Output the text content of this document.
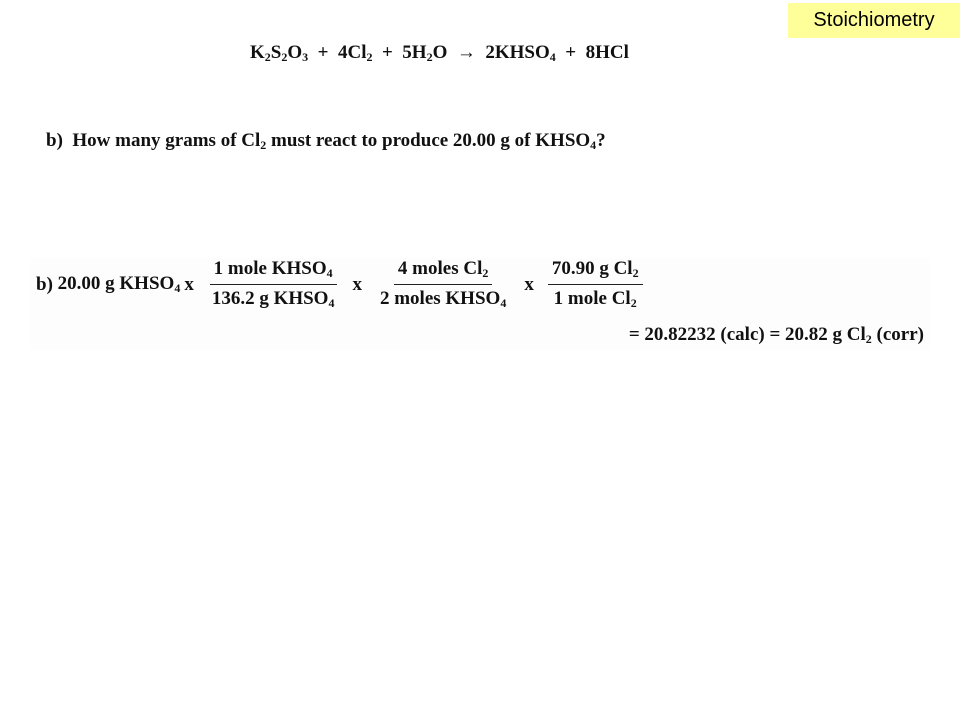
Stoichiometry
$K_2S_2O_3 + 4Cl_2 + 5H_2O$ → $2KHSO_4 + 8HCl$
b) How many grams of $Cl_2$ must react to produce 20.00 g of $KHSO_4$?
b)
20.00 g $KHSO_4$ x $\frac{1 mole KHSO_4}{136.2 g KHSO_4}$ x $\frac{4 moles Cl_2}{2 moles KHSO_4}$ x $\frac{70.90 g Cl_2}{1 mole Cl_2}$
= 20.82232 (calc) = 20.82 g $Cl_2$ (corr)
